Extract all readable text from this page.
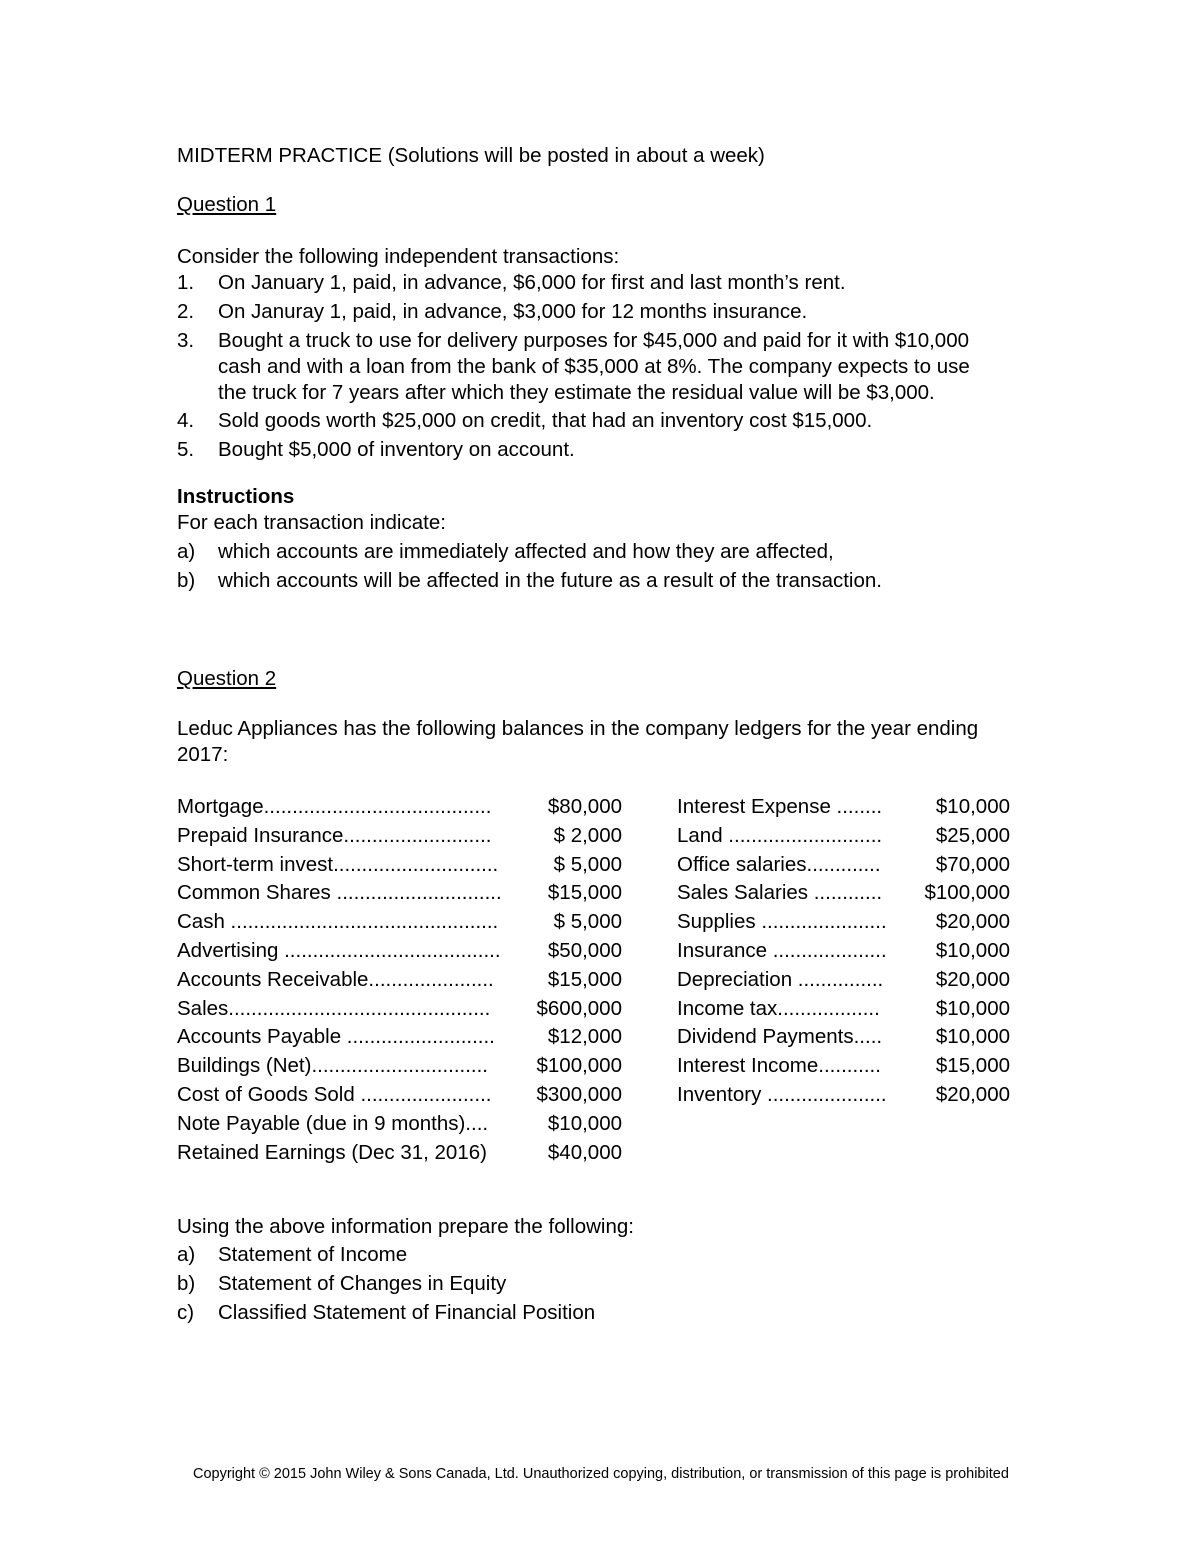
MIDTERM PRACTICE (Solutions will be posted in about a week)
Question 1
Consider the following independent transactions:
1. On January 1, paid, in advance, $6,000 for first and last month’s rent.
2. On Januray 1, paid, in advance, $3,000 for 12 months insurance.
3. Bought a truck to use for delivery purposes for $45,000 and paid for it with $10,000
cash and with a loan from the bank of $35,000 at 8%. The company expects to use
the truck for 7 years after which they estimate the residual value will be $3,000.
4. Sold goods worth $25,000 on credit, that had an inventory cost $15,000.
5. Bought $5,000 of inventory on account.
Instructions
For each transaction indicate:
a) which accounts are immediately affected and how they are affected,
b) which accounts will be affected in the future as a result of the transaction.
Question 2
Leduc Appliances has the following balances in the company ledgers for the year ending
2017:
Mortgage........................................	$80,000
Prepaid Insurance..........................	$ 2,000
Short-term invest.............................	$ 5,000
Common Shares .............................	$15,000
Cash ...............................................	$ 5,000
Advertising ......................................	$50,000
Accounts Receivable......................	$15,000
Sales..............................................	$600,000
Accounts Payable ..........................	$12,000
Buildings (Net)...............................	$100,000
Cost of Goods Sold .......................	$300,000
Note Payable (due in 9 months)....	$10,000
Retained Earnings (Dec 31, 2016)	$40,000
Interest Expense ........	$10,000
Land ...........................	$25,000
Office salaries.............	$70,000
Sales Salaries ............	$100,000
Supplies ......................	$20,000
Insurance ....................	$10,000
Depreciation ...............	$20,000
Income tax..................	$10,000
Dividend Payments.....	$10,000
Interest Income...........	$15,000
Inventory .....................	$20,000
Using the above information prepare the following:
a) Statement of Income
b) Statement of Changes in Equity
c) Classified Statement of Financial Position
Copyright © 2015 John Wiley & Sons Canada, Ltd. Unauthorized copying, distribution, or transmission of this page is prohibited
